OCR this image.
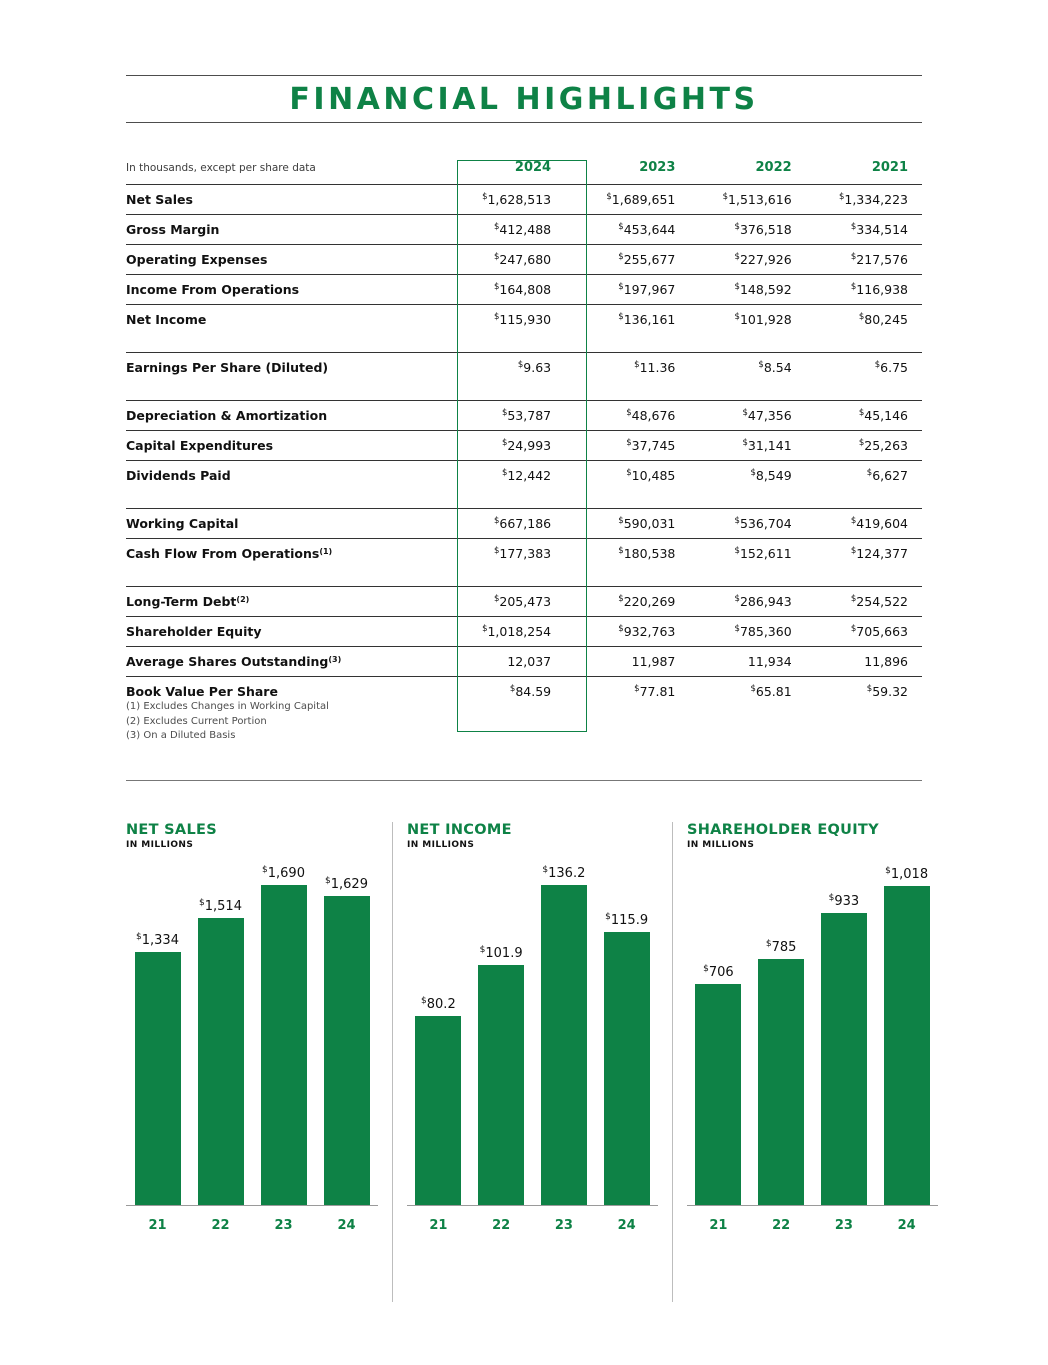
FINANCIAL HIGHLIGHTS
In thousands, except per share data	2024	2023	2022	2021
Net Sales	$1,628,513	$1,689,651	$1,513,616	$1,334,223
Gross Margin	$412,488	$453,644	$376,518	$334,514
Operating Expenses	$247,680	$255,677	$227,926	$217,576
Income From Operations	$164,808	$197,967	$148,592	$116,938
Net Income	$115,930	$136,161	$101,928	$80,245

Earnings Per Share (Diluted)	$9.63	$11.36	$8.54	$6.75

Depreciation & Amortization	$53,787	$48,676	$47,356	$45,146
Capital Expenditures	$24,993	$37,745	$31,141	$25,263
Dividends Paid	$12,442	$10,485	$8,549	$6,627

Working Capital	$667,186	$590,031	$536,704	$419,604
Cash Flow From Operations$^{(1)}$	$177,383	$180,538	$152,611	$124,377

Long-Term Debt$^{(2)}$	$205,473	$220,269	$286,943	$254,522
Shareholder Equity	$1,018,254	$932,763	$785,360	$705,663
Average Shares Outstanding$^{(3)}$	12,037	11,987	11,934	11,896
Book Value Per Share	$84.59	$77.81	$65.81	$59.32
(1) Excludes Changes in Working Capital
(2) Excludes Current Portion
(3) On a Diluted Basis
NET SALES
IN MILLIONS
$1,334
$1,514
$1,690 $1,629
21	22	23	24
NET INCOME
IN MILLIONS
$80.2
$101.9
$136.2
$115.9
21	22	23	24
SHAREHOLDER EQUITY
IN MILLIONS
$706
$785
$933
$1,018
21	22	23	24
